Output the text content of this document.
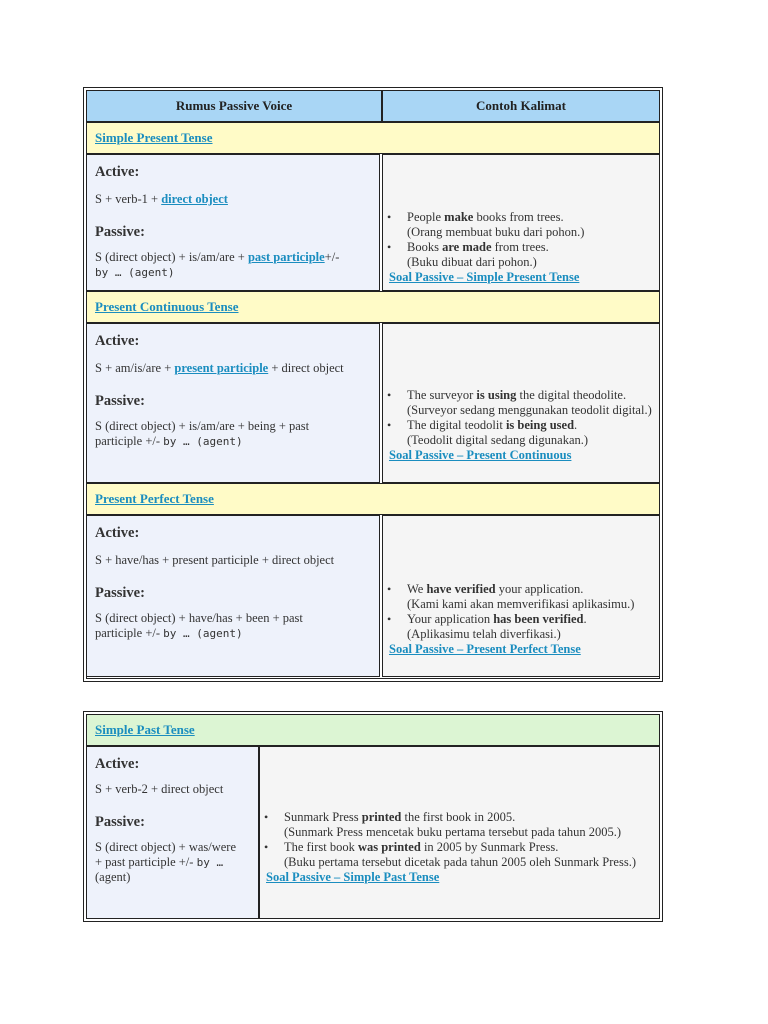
Rumus Passive Voice	Contoh Kalimat
Simple Present Tense
Active:
S + verb-1 + direct object
Passive:
S (direct object) + is/am/are + past participle+/-
by … (agent)
• People make books from trees.
(Orang membuat buku dari pohon.)
• Books are made from trees.
(Buku dibuat dari pohon.)
Soal Passive – Simple Present Tense
Present Continuous Tense
Active:
S + am/is/are + present participle + direct object
Passive:
S (direct object) + is/am/are + being + past
participle +/- by … (agent)
• The surveyor is using the digital theodolite.
(Surveyor sedang menggunakan teodolit digital.)
• The digital teodolit is being used.
(Teodolit digital sedang digunakan.)
Soal Passive – Present Continuous
Present Perfect Tense
Active:
S + have/has + present participle + direct object
Passive:
S (direct object) + have/has + been + past
participle +/- by … (agent)
• We have verified your application.
(Kami kami akan memverifikasi aplikasimu.)
• Your application has been verified.
(Aplikasimu telah diverfikasi.)
Soal Passive – Present Perfect Tense
Simple Past Tense
Active:
S + verb-2 + direct object
Passive:
S (direct object) + was/were
+ past participle +/- by …
(agent)
• Sunmark Press printed the first book in 2005.
(Sunmark Press mencetak buku pertama tersebut pada tahun 2005.)
• The first book was printed in 2005 by Sunmark Press.
(Buku pertama tersebut dicetak pada tahun 2005 oleh Sunmark Press.)
Soal Passive – Simple Past Tense
